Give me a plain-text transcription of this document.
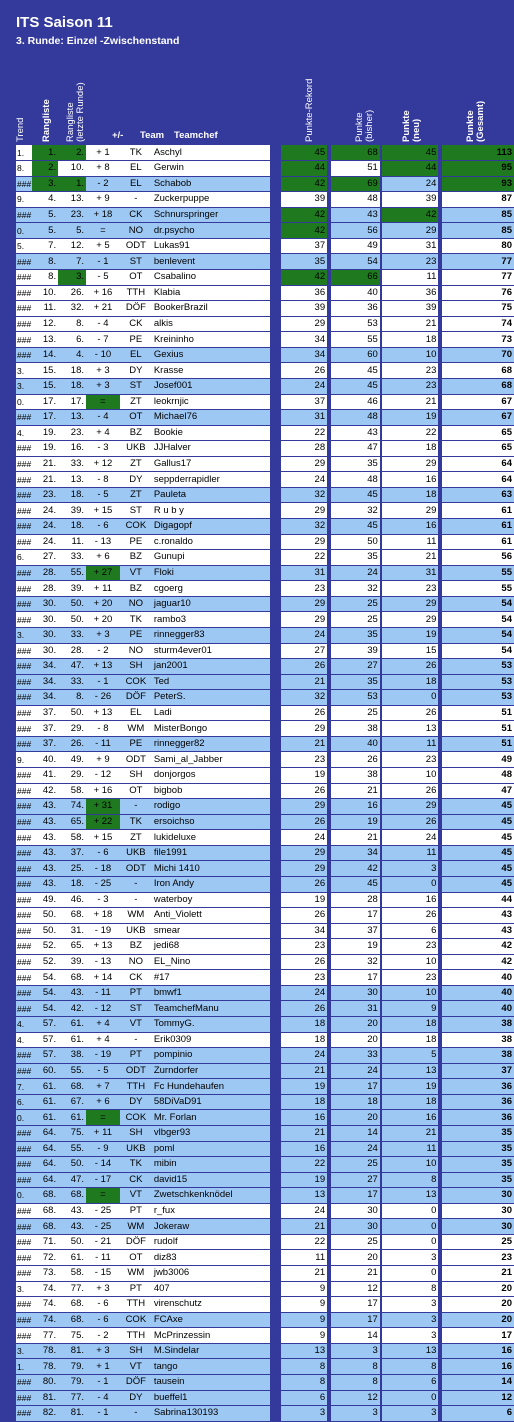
ITS Saison 11
3. Runde: Einzel -Zwischenstand
Trend Rangliste Rangliste (letzte Runde)	+/- Team Teamchef	Punkte-Rekord	Punkte (bisher)	Punkte (neu)	Punkte (Gesamt)
1.	1.	2.	+ 1	TK	Aschyl		45		68		45		113
8.	2.	10.	+ 8	EL	Gerwin		44		51		44		95
###	3.	1.	- 2	EL	Schabob		42		69		24		93
9.	4.	13.	+ 9	-	Zuckerpuppe		39		48		39		87
###	5.	23.	+ 18	CK	Schnurspringer		42		43		42		85
0.	5.	5.	=	NO	dr.psycho		42		56		29		85
5.	7.	12.	+ 5	ODT	Lukas91		37		49		31		80
###	8.	7.	- 1	ST	benlevent		35		54		23		77
###	8.	3.	- 5	OT	Csabalino		42		66		11		77
###	10.	26.	+ 16	TTH	Klabia		36		40		36		76
###	11.	32.	+ 21	DÖF	BookerBrazil		39		36		39		75
###	12.	8.	- 4	CK	alkis		29		53		21		74
###	13.	6.	- 7	PE	Kreininho		34		55		18		73
###	14.	4.	- 10	EL	Gexius		34		60		10		70
3.	15.	18.	+ 3	DY	Krasse		26		45		23		68
3.	15.	18.	+ 3	ST	Josef001		24		45		23		68
0.	17.	17.	=	ZT	leokrnjic		37		46		21		67
###	17.	13.	- 4	OT	Michael76		31		48		19		67
4.	19.	23.	+ 4	BZ	Bookie		22		43		22		65
###	19.	16.	- 3	UKB	JJHalver		28		47		18		65
###	21.	33.	+ 12	ZT	Gallus17		29		35		29		64
###	21.	13.	- 8	DY	seppderrapidler		24		48		16		64
###	23.	18.	- 5	ZT	Pauleta		32		45		18		63
###	24.	39.	+ 15	ST	R u b y		29		32		29		61
###	24.	18.	- 6	COK	Digagopf		32		45		16		61
###	24.	11.	- 13	PE	c.ronaldo		29		50		11		61
6.	27.	33.	+ 6	BZ	Gunupi		22		35		21		56
###	28.	55.	+ 27	VT	Floki		31		24		31		55
###	28.	39.	+ 11	BZ	cgoerg		23		32		23		55
###	30.	50.	+ 20	NO	jaguar10		29		25		29		54
###	30.	50.	+ 20	TK	rambo3		29		25		29		54
3.	30.	33.	+ 3	PE	rinnegger83		24		35		19		54
###	30.	28.	- 2	NO	sturm4ever01		27		39		15		54
###	34.	47.	+ 13	SH	jan2001		26		27		26		53
###	34.	33.	- 1	COK	Ted		21		35		18		53
###	34.	8.	- 26	DÖF	PeterS.		32		53		0		53
###	37.	50.	+ 13	EL	Ladi		26		25		26		51
###	37.	29.	- 8	WM	MisterBongo		29		38		13		51
###	37.	26.	- 11	PE	rinnegger82		21		40		11		51
9.	40.	49.	+ 9	ODT	Sami_al_Jabber		23		26		23		49
###	41.	29.	- 12	SH	donjorgos		19		38		10		48
###	42.	58.	+ 16	OT	bigbob		26		21		26		47
###	43.	74.	+ 31	-	rodigo		29		16		29		45
###	43.	65.	+ 22	TK	ersoichso		26		19		26		45
###	43.	58.	+ 15	ZT	lukideluxe		24		21		24		45
###	43.	37.	- 6	UKB	file1991		29		34		11		45
###	43.	25.	- 18	ODT	Michi 1410		29		42		3		45
###	43.	18.	- 25	-	Iron Andy		26		45		0		45
###	49.	46.	- 3	-	waterboy		19		28		16		44
###	50.	68.	+ 18	WM	Anti_Violett		26		17		26		43
###	50.	31.	- 19	UKB	smear		34		37		6		43
###	52.	65.	+ 13	BZ	jedi68		23		19		23		42
###	52.	39.	- 13	NO	EL_Nino		26		32		10		42
###	54.	68.	+ 14	CK	#17		23		17		23		40
###	54.	43.	- 11	PT	bmwf1		24		30		10		40
###	54.	42.	- 12	ST	TeamchefManu		26		31		9		40
4.	57.	61.	+ 4	VT	TommyG.		18		20		18		38
4.	57.	61.	+ 4	-	Erik0309		18		20		18		38
###	57.	38.	- 19	PT	pompinio		24		33		5		38
###	60.	55.	- 5	ODT	Zurndorfer		21		24		13		37
7.	61.	68.	+ 7	TTH	Fc Hundehaufen		19		17		19		36
6.	61.	67.	+ 6	DY	58DiVaD91		18		18		18		36
0.	61.	61.	=	COK	Mr. Forlan		16		20		16		36
###	64.	75.	+ 11	SH	vlbger93		21		14		21		35
###	64.	55.	- 9	UKB	poml		16		24		11		35
###	64.	50.	- 14	TK	mibin		22		25		10		35
###	64.	47.	- 17	CK	david15		19		27		8		35
0.	68.	68.	=	VT	Zwetschkenknödel		13		17		13		30
###	68.	43.	- 25	PT	r_fux		24		30		0		30
###	68.	43.	- 25	WM	Jokeraw		21		30		0		30
###	71.	50.	- 21	DÖF	rudolf		22		25		0		25
###	72.	61.	- 11	OT	diz83		11		20		3		23
###	73.	58.	- 15	WM	jwb3006		21		21		0		21
3.	74.	77.	+ 3	PT	407		9		12		8		20
###	74.	68.	- 6	TTH	virenschutz		9		17		3		20
###	74.	68.	- 6	COK	FCAxe		9		17		3		20
###	77.	75.	- 2	TTH	McPrinzessin		9		14		3		17
3.	78.	81.	+ 3	SH	M.Sindelar		13		3		13		16
1.	78.	79.	+ 1	VT	tango		8		8		8		16
###	80.	79.	- 1	DÖF	tausein		8		8		6		14
###	81.	77.	- 4	DY	bueffel1		6		12		0		12
###	82.	81.	- 1	-	Sabrina130193		3		3		3		6
